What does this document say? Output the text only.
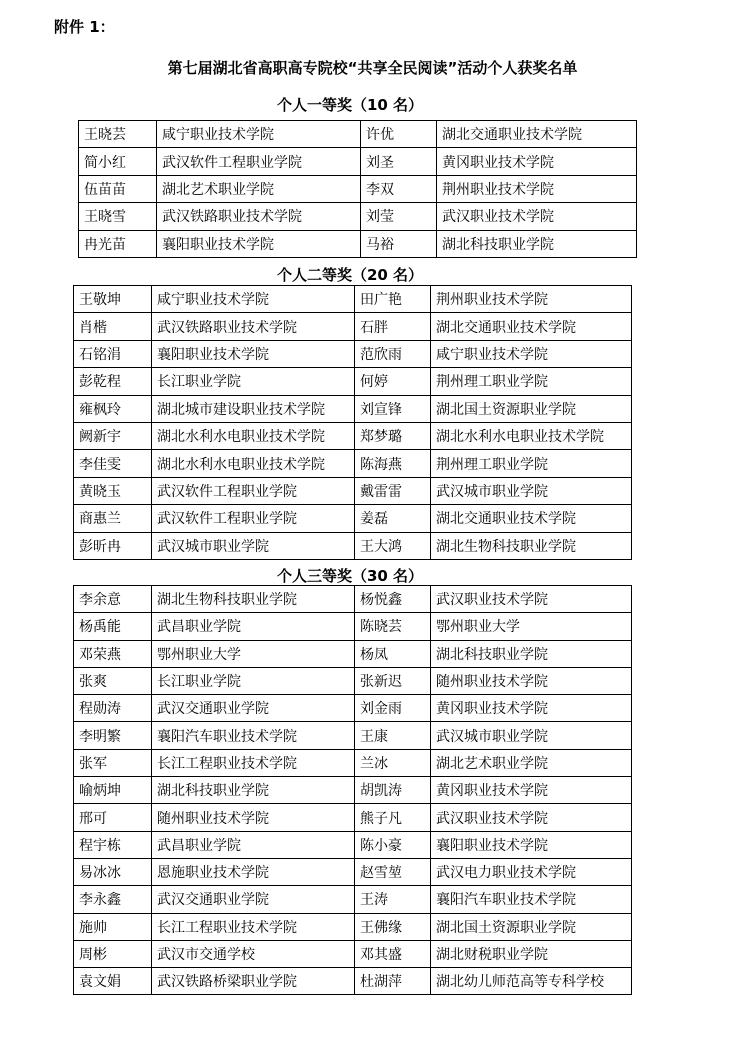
附件 1：
第七届湖北省高职高专院校“共享全民阅读”活动个人获奖名单
个人一等奖（10 名）
王晓芸	咸宁职业技术学院	许优	湖北交通职业技术学院
简小红	武汉软件工程职业学院	刘圣	黄冈职业技术学院
伍苗苗	湖北艺术职业学院	李双	荆州职业技术学院
王晓雪	武汉铁路职业技术学院	刘莹	武汉职业技术学院
冉光苗	襄阳职业技术学院	马裕	湖北科技职业学院
个人二等奖（20 名）
王敬坤	咸宁职业技术学院	田广艳	荆州职业技术学院
肖楷	武汉铁路职业技术学院	石胖	湖北交通职业技术学院
石铭涓	襄阳职业技术学院	范欣雨	咸宁职业技术学院
彭乾程	长江职业学院	何婷	荆州理工职业学院
雍枫玲	湖北城市建设职业技术学院	刘宣锋	湖北国土资源职业学院
阙新宇	湖北水利水电职业技术学院	郑梦璐	湖北水利水电职业技术学院
李佳雯	湖北水利水电职业技术学院	陈海燕	荆州理工职业学院
黄晓玉	武汉软件工程职业学院	戴雷雷	武汉城市职业学院
商惠兰	武汉软件工程职业学院	姜磊	湖北交通职业技术学院
彭昕冉	武汉城市职业学院	王大鸿	湖北生物科技职业学院
个人三等奖（30 名）
李余意	湖北生物科技职业学院	杨悦鑫	武汉职业技术学院
杨禹能	武昌职业学院	陈晓芸	鄂州职业大学
邓荣燕	鄂州职业大学	杨凤	湖北科技职业学院
张爽	长江职业学院	张新迟	随州职业技术学院
程勋涛	武汉交通职业学院	刘金雨	黄冈职业技术学院
李明繁	襄阳汽车职业技术学院	王康	武汉城市职业学院
张军	长江工程职业技术学院	兰冰	湖北艺术职业学院
喻炳坤	湖北科技职业学院	胡凯涛	黄冈职业技术学院
邢可	随州职业技术学院	熊子凡	武汉职业技术学院
程宇栋	武昌职业学院	陈小豪	襄阳职业技术学院
易冰冰	恩施职业技术学院	赵雪堃	武汉电力职业技术学院
李永鑫	武汉交通职业学院	王涛	襄阳汽车职业技术学院
施帅	长江工程职业技术学院	王佛缘	湖北国土资源职业学院
周彬	武汉市交通学校	邓其盛	湖北财税职业学院
袁文娟	武汉铁路桥梁职业学院	杜湖萍	湖北幼儿师范高等专科学校
